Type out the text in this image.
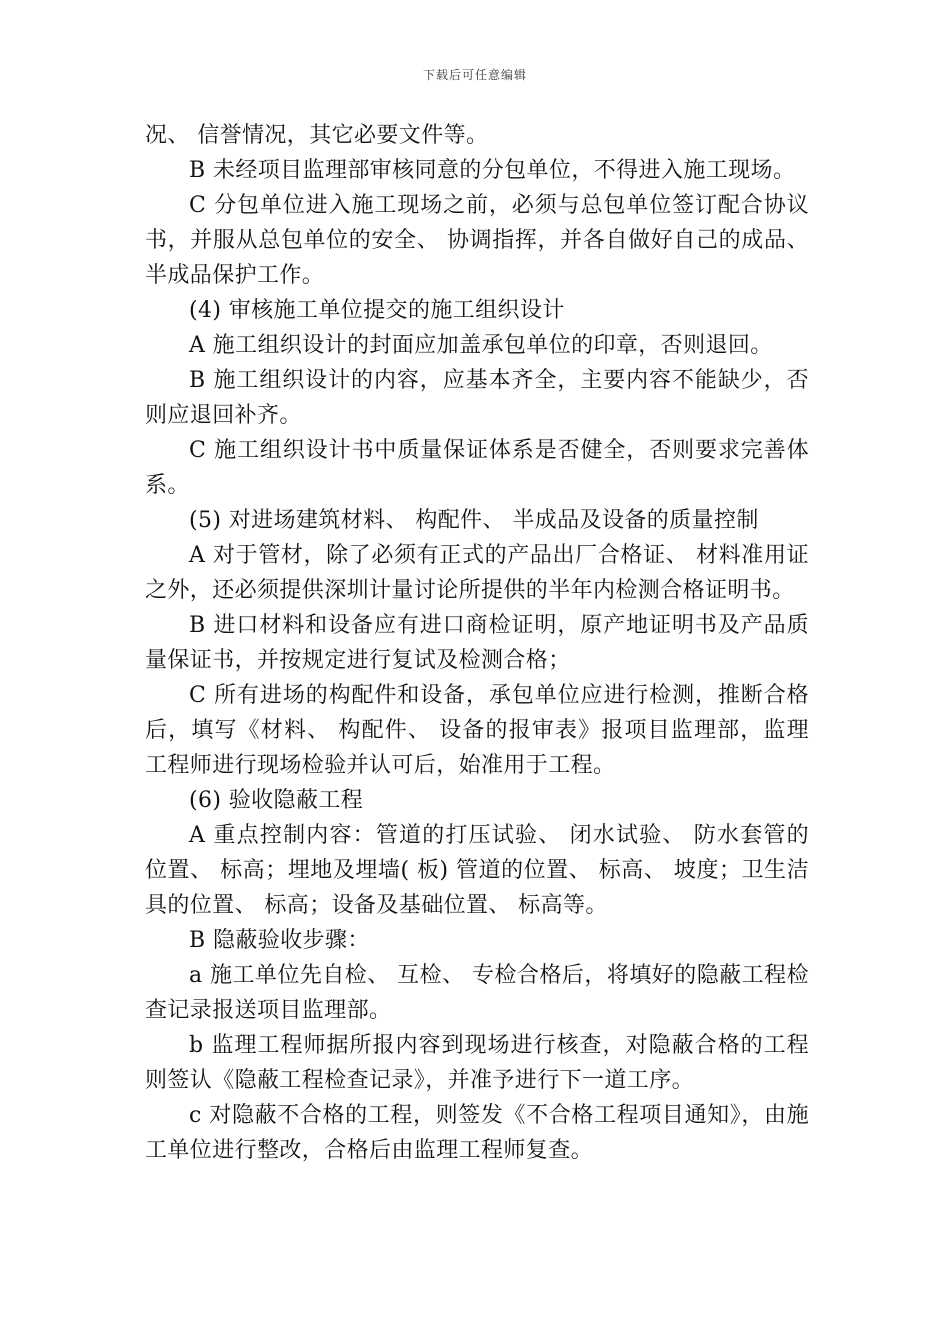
下载后可任意编辑

况、 信誉情况，其它必要文件等。

B 未经项目监理部审核同意的分包单位，不得进入施工现场。

C 分包单位进入施工现场之前，必须与总包单位签订配合协议书，并服从总包单位的安全、 协调指挥，并各自做好自己的成品、 半成品保护工作。

(4) 审核施工单位提交的施工组织设计

A 施工组织设计的封面应加盖承包单位的印章，否则退回。

B 施工组织设计的内容，应基本齐全，主要内容不能缺少，否则应退回补齐。

C 施工组织设计书中质量保证体系是否健全，否则要求完善体系。

(5) 对进场建筑材料、 构配件、 半成品及设备的质量控制

A 对于管材，除了必须有正式的产品出厂合格证、 材料准用证之外，还必须提供深圳计量讨论所提供的半年内检测合格证明书。

B 进口材料和设备应有进口商检证明，原产地证明书及产品质量保证书，并按规定进行复试及检测合格；

C 所有进场的构配件和设备，承包单位应进行检测，推断合格后，填写《材料、 构配件、 设备的报审表》报项目监理部，监理工程师进行现场检验并认可后，始准用于工程。

(6) 验收隐蔽工程

A 重点控制内容：管道的打压试验、 闭水试验、 防水套管的位置、 标高；埋地及埋墙( 板) 管道的位置、 标高、 坡度；卫生洁具的位置、 标高；设备及基础位置、 标高等。

B 隐蔽验收步骤：

a 施工单位先自检、 互检、 专检合格后，将填好的隐蔽工程检查记录报送项目监理部。

b 监理工程师据所报内容到现场进行核查，对隐蔽合格的工程则签认《隐蔽工程检查记录》，并准予进行下一道工序。

c 对隐蔽不合格的工程，则签发《不合格工程项目通知》，由施工单位进行整改，合格后由监理工程师复查。
